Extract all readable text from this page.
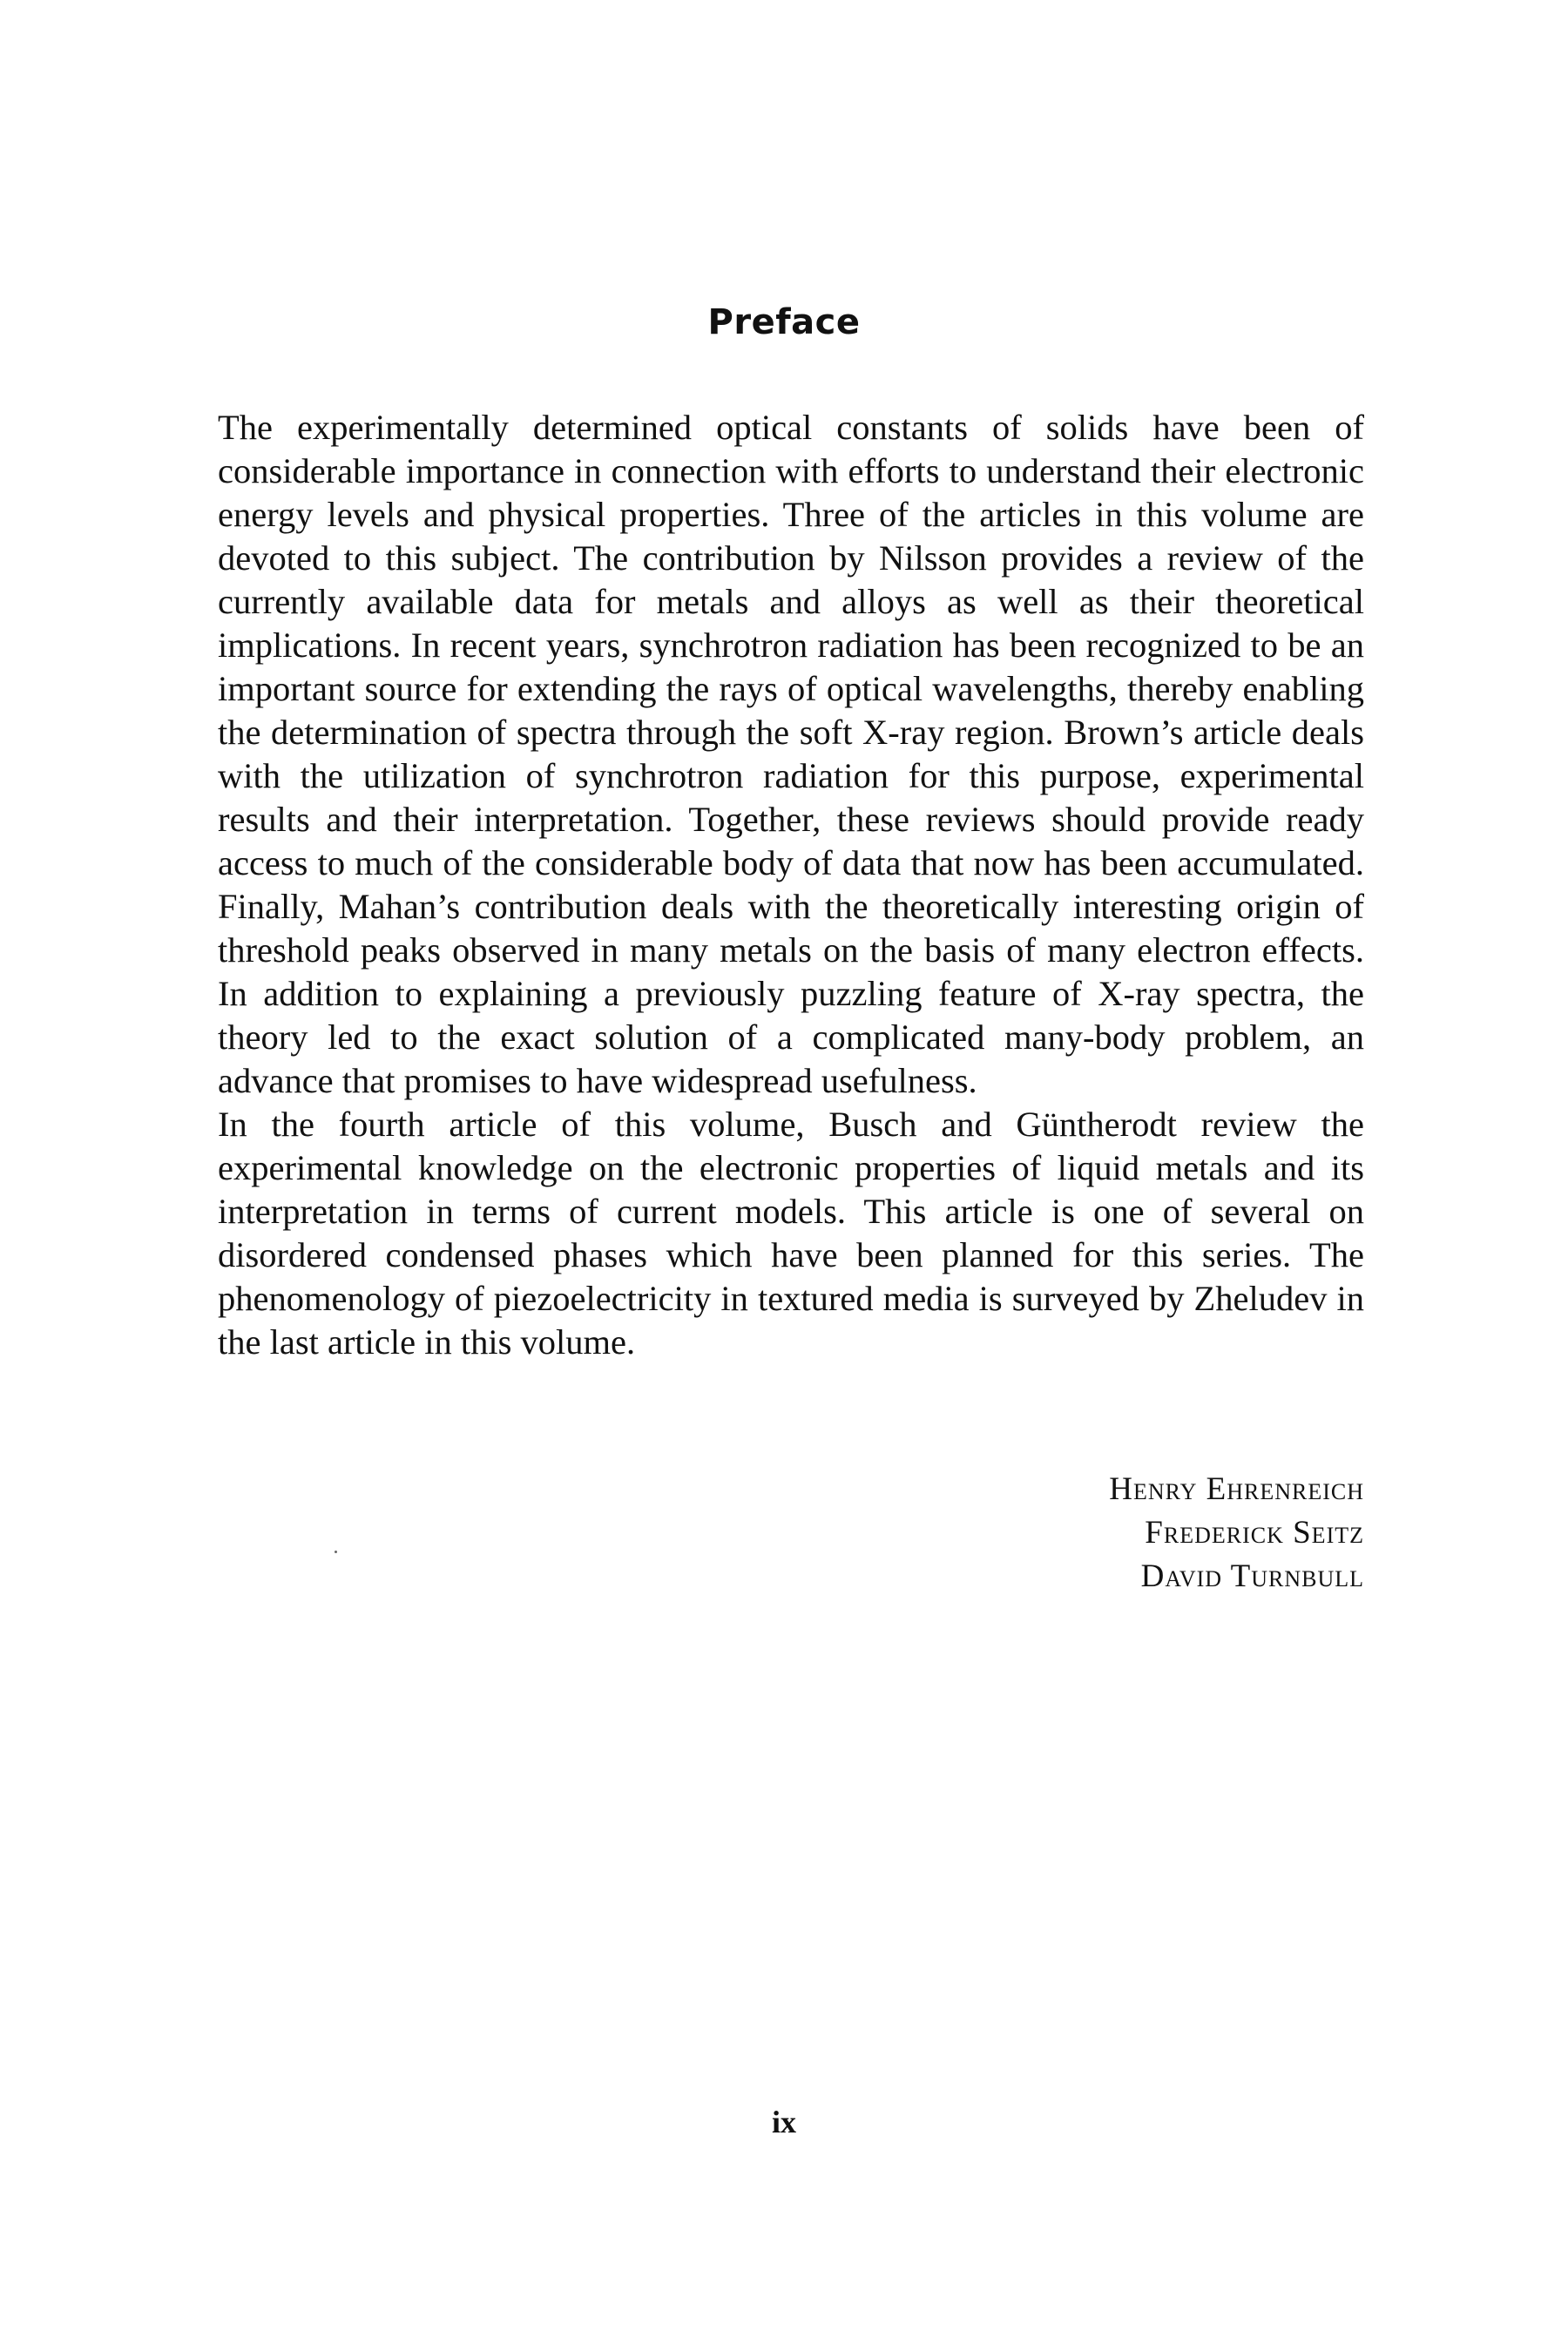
Preface

The experimentally determined optical constants of solids have been of considerable importance in connection with efforts to understand their electronic energy levels and physical properties. Three of the articles in this volume are devoted to this subject. The contribution by Nilsson provides a review of the currently available data for metals and alloys as well as their theoretical implications. In recent years, synchrotron radiation has been recognized to be an important source for extending the rays of optical wavelengths, thereby enabling the determination of spectra through the soft X-ray region. Brown’s article deals with the utilization of synchrotron radiation for this purpose, experimental results and their interpretation. Together, these reviews should provide ready access to much of the considerable body of data that now has been accumulated. Finally, Mahan’s contribution deals with the theoretically interesting origin of threshold peaks observed in many metals on the basis of many electron effects. In addition to explaining a previously puzzling feature of X-ray spectra, the theory led to the exact solution of a complicated many-body problem, an advance that promises to have widespread usefulness.

In the fourth article of this volume, Busch and Güntherodt review the experimental knowledge on the electronic properties of liquid metals and its interpretation in terms of current models. This article is one of several on disordered condensed phases which have been planned for this series. The phenomenology of piezoelectricity in textured media is surveyed by Zheludev in the last article in this volume.

Henry Ehrenreich
Frederick Seitz
David Turnbull
ix
